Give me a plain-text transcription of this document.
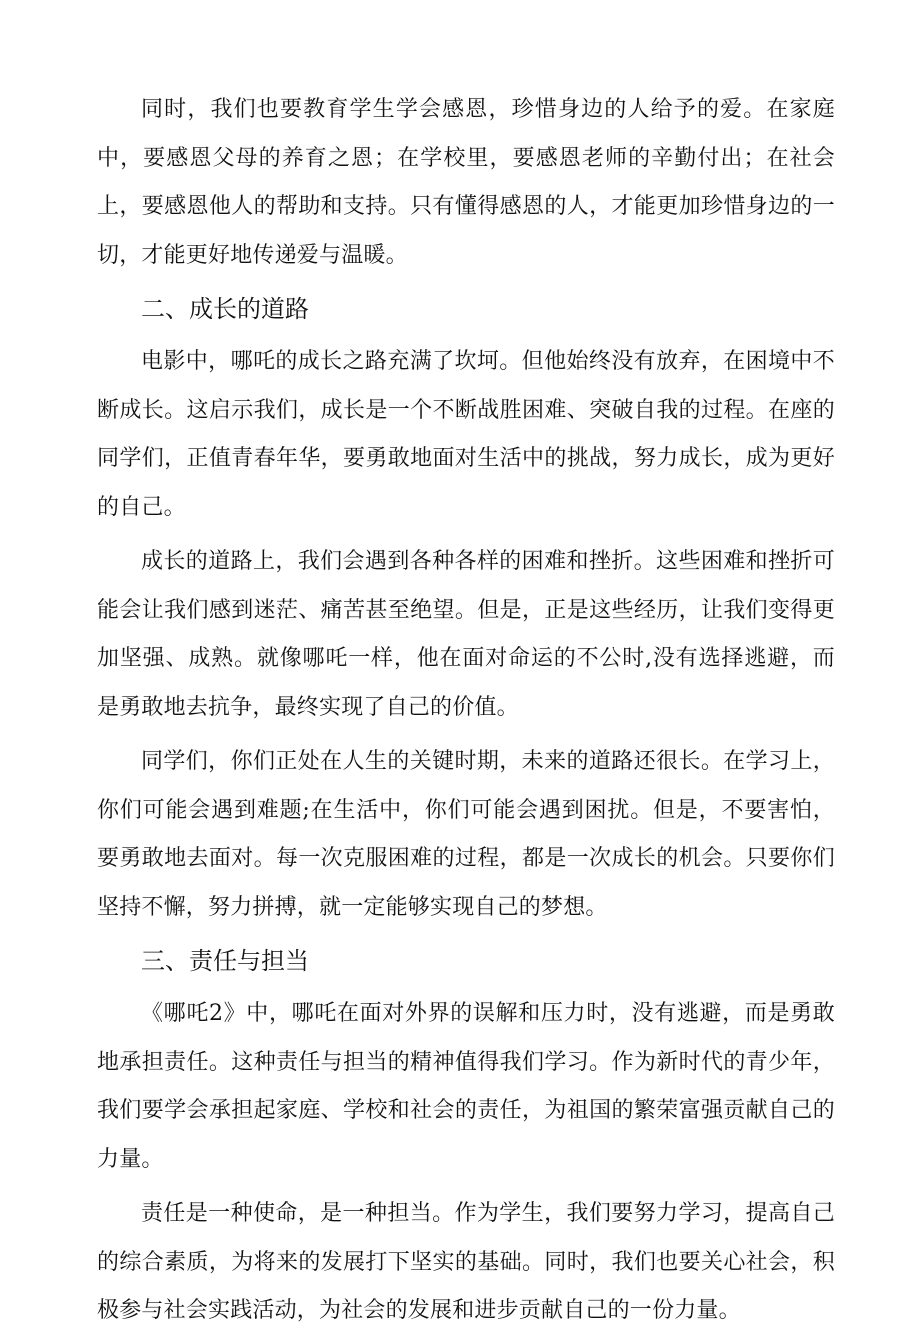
同时，我们也要教育学生学会感恩，珍惜身边的人给予的爱。在家庭中，要感恩父母的养育之恩；在学校里，要感恩老师的辛勤付出；在社会上，要感恩他人的帮助和支持。只有懂得感恩的人，才能更加珍惜身边的一切，才能更好地传递爱与温暖。

二、成长的道路

电影中，哪吒的成长之路充满了坎坷。但他始终没有放弃，在困境中不断成长。这启示我们，成长是一个不断战胜困难、突破自我的过程。在座的同学们，正值青春年华，要勇敢地面对生活中的挑战，努力成长，成为更好的自己。

成长的道路上，我们会遇到各种各样的困难和挫折。这些困难和挫折可能会让我们感到迷茫、痛苦甚至绝望。但是，正是这些经历，让我们变得更加坚强、成熟。就像哪吒一样，他在面对命运的不公时,没有选择逃避，而是勇敢地去抗争，最终实现了自己的价值。

同学们，你们正处在人生的关键时期，未来的道路还很长。在学习上，你们可能会遇到难题;在生活中，你们可能会遇到困扰。但是，不要害怕，要勇敢地去面对。每一次克服困难的过程，都是一次成长的机会。只要你们坚持不懈，努力拼搏，就一定能够实现自己的梦想。

三、责任与担当

《哪吒2》中，哪吒在面对外界的误解和压力时，没有逃避，而是勇敢地承担责任。这种责任与担当的精神值得我们学习。作为新时代的青少年，我们要学会承担起家庭、学校和社会的责任，为祖国的繁荣富强贡献自己的力量。

责任是一种使命，是一种担当。作为学生，我们要努力学习，提高自己的综合素质，为将来的发展打下坚实的基础。同时，我们也要关心社会，积极参与社会实践活动，为社会的发展和进步贡献自己的一份力量。
